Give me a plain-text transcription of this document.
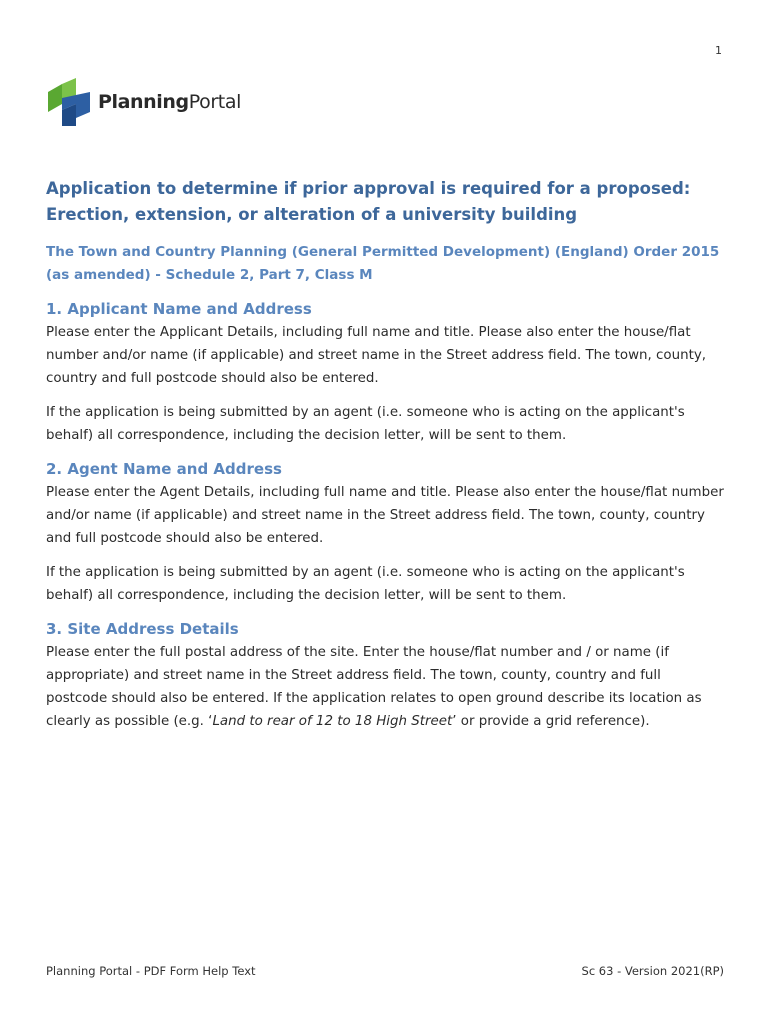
1
PlanningPortal
Application to determine if prior approval is required for a proposed: Erection, extension, or alteration of a university building
The Town and Country Planning (General Permitted Development) (England) Order 2015 (as amended) - Schedule 2, Part 7, Class M
1. Applicant Name and Address

Please enter the Applicant Details, including full name and title. Please also enter the house/flat number and/or name (if applicable) and street name in the Street address field. The town, county, country and full postcode should also be entered.

If the application is being submitted by an agent (i.e. someone who is acting on the applicant's behalf) all correspondence, including the decision letter, will be sent to them.

2. Agent Name and Address

Please enter the Agent Details, including full name and title. Please also enter the house/flat number and/or name (if applicable) and street name in the Street address field. The town, county, country and full postcode should also be entered.

If the application is being submitted by an agent (i.e. someone who is acting on the applicant's behalf) all correspondence, including the decision letter, will be sent to them.

3. Site Address Details

Please enter the full postal address of the site. Enter the house/flat number and / or name (if appropriate) and street name in the Street address field. The town, county, country and full postcode should also be entered. If the application relates to open ground describe its location as clearly as possible (e.g. ‘Land to rear of 12 to 18 High Street’ or provide a grid reference).

Planning Portal - PDF Form Help Text	Sc 63 - Version 2021(RP)
